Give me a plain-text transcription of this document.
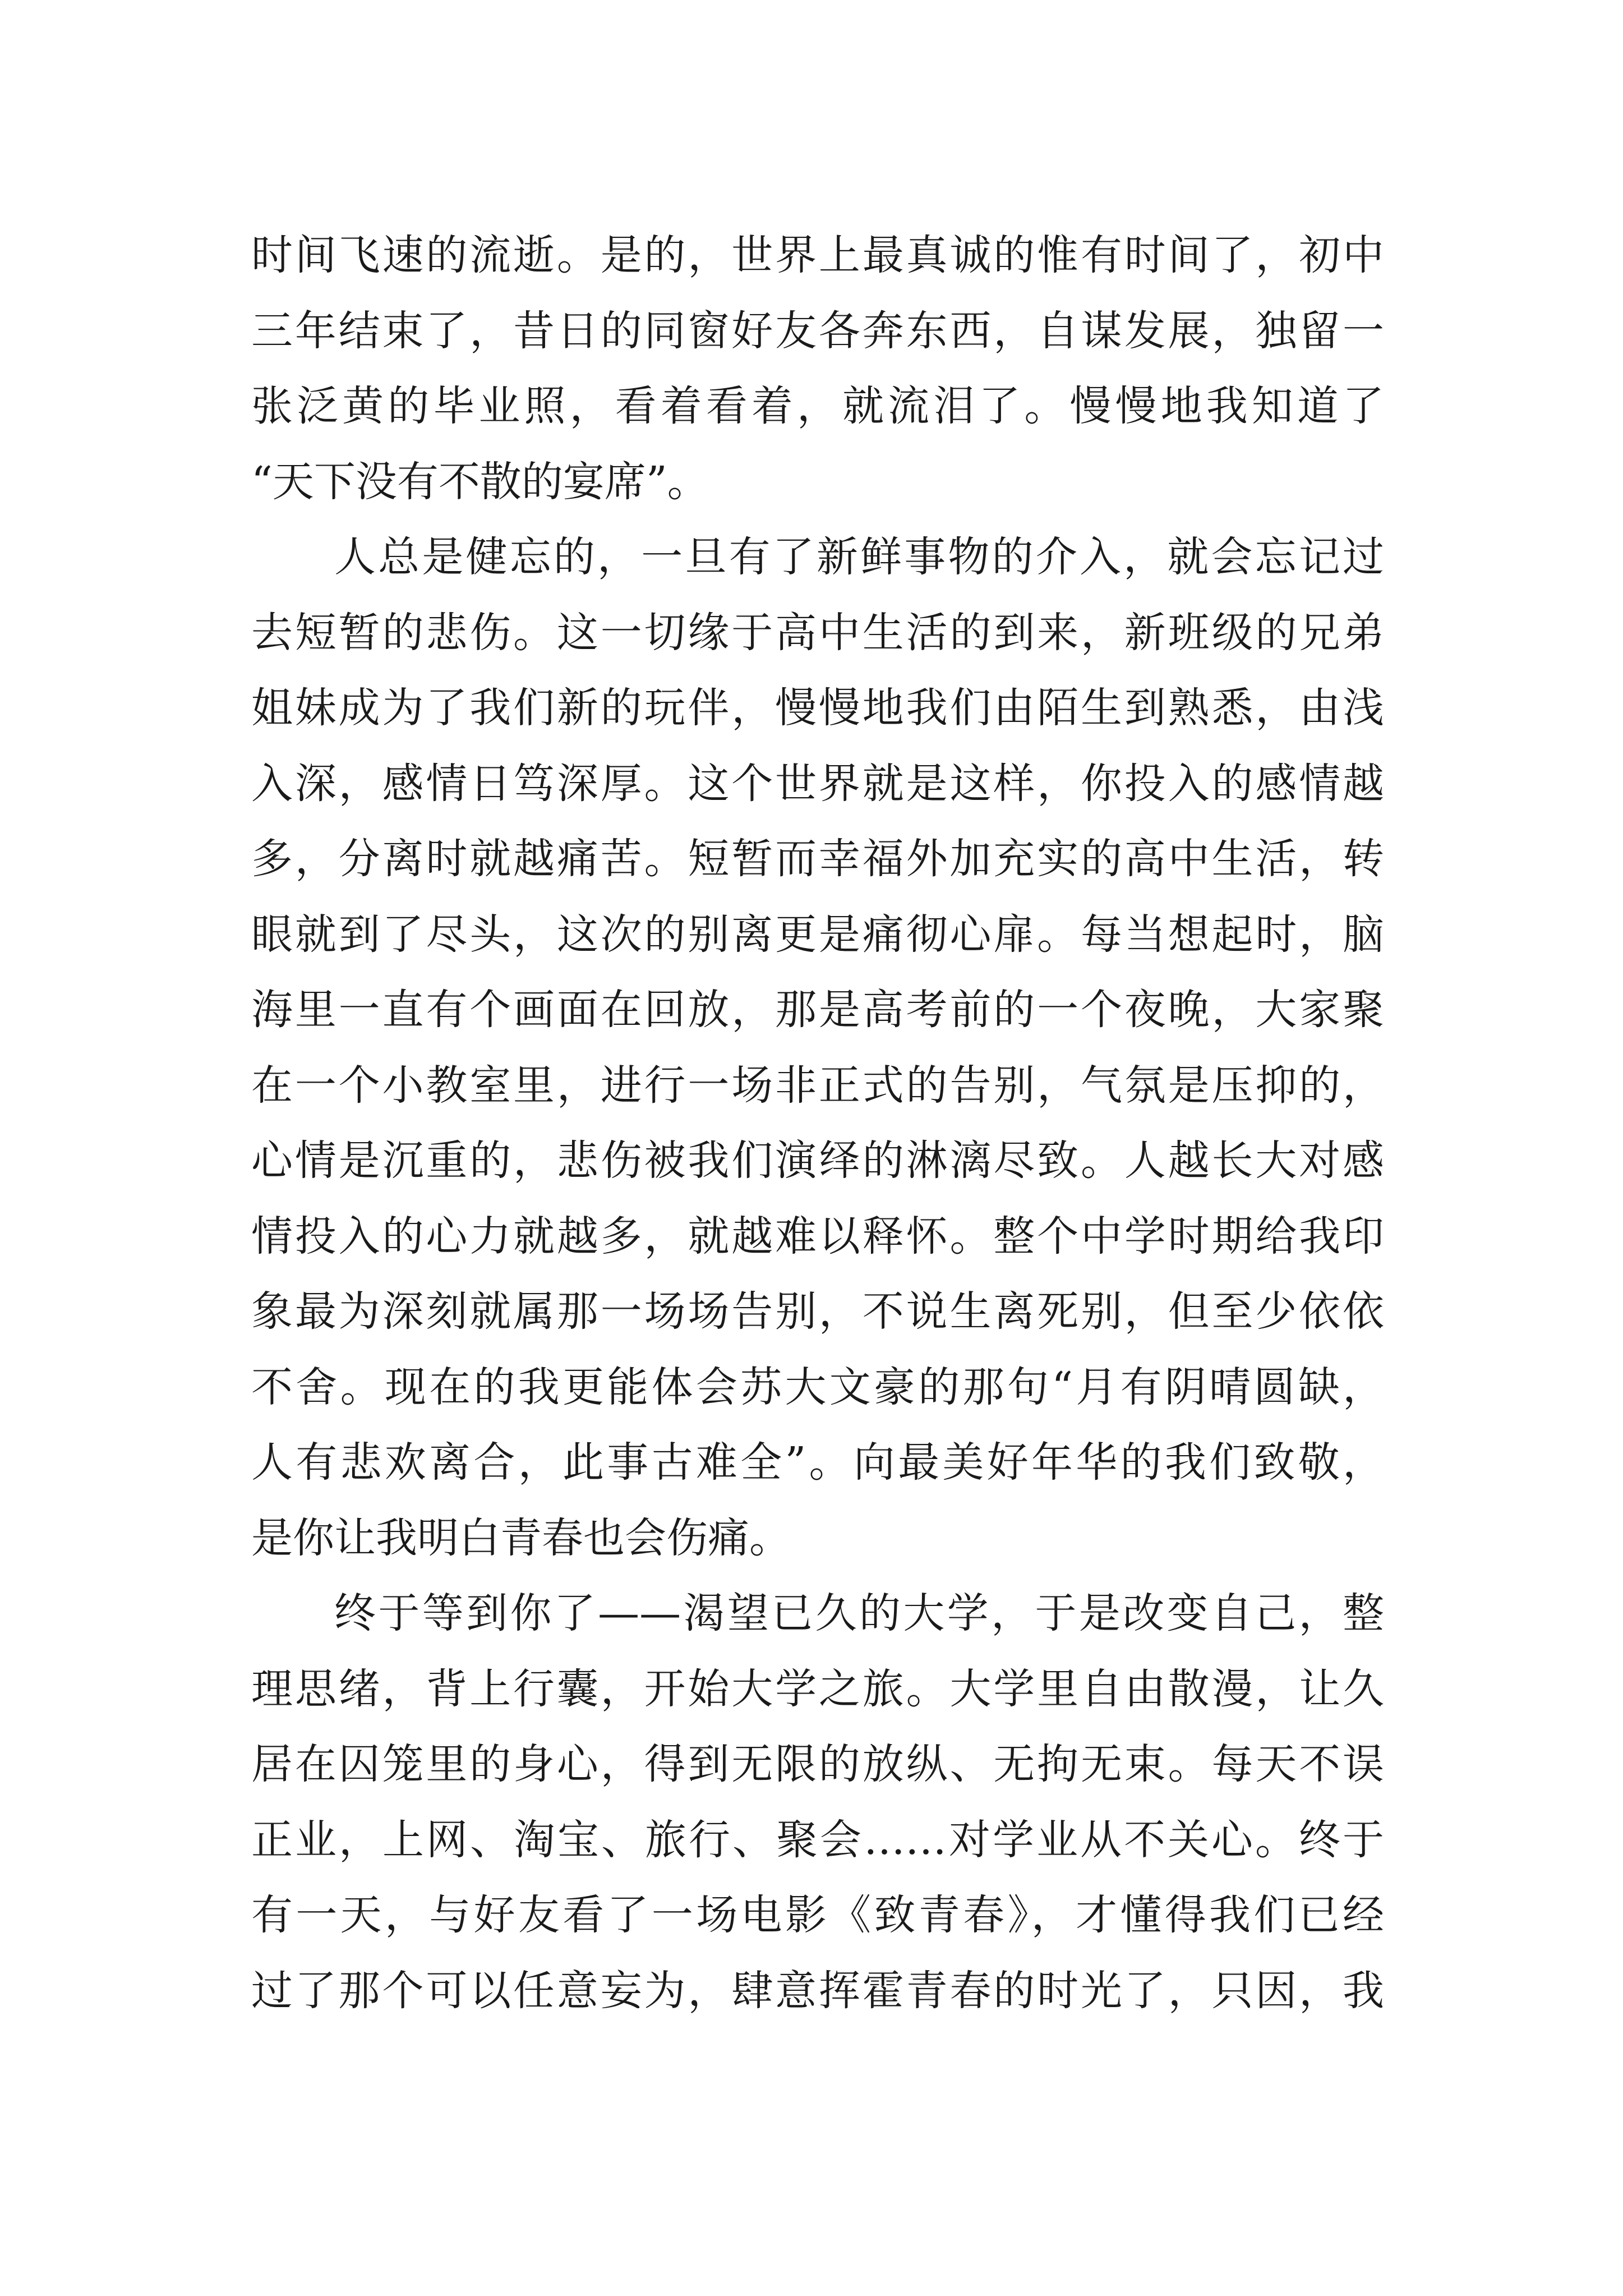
时间飞速的流逝。是的，世界上最真诚的惟有时间了，初中
三年结束了，昔日的同窗好友各奔东西，自谋发展，独留一
张泛黄的毕业照，看着看着，就流泪了。慢慢地我知道了
“天下没有不散的宴席”。
人总是健忘的，一旦有了新鲜事物的介入，就会忘记过
去短暂的悲伤。这一切缘于高中生活的到来，新班级的兄弟
姐妹成为了我们新的玩伴，慢慢地我们由陌生到熟悉，由浅
入深，感情日笃深厚。这个世界就是这样，你投入的感情越
多，分离时就越痛苦。短暂而幸福外加充实的高中生活，转
眼就到了尽头，这次的别离更是痛彻心扉。每当想起时，脑
海里一直有个画面在回放，那是高考前的一个夜晚，大家聚
在一个小教室里，进行一场非正式的告别，气氛是压抑的，
心情是沉重的，悲伤被我们演绎的淋漓尽致。人越长大对感
情投入的心力就越多，就越难以释怀。整个中学时期给我印
象最为深刻就属那一场场告别，不说生离死别，但至少依依
不舍。现在的我更能体会苏大文豪的那句“月有阴晴圆缺，
人有悲欢离合，此事古难全”。向最美好年华的我们致敬，
是你让我明白青春也会伤痛。
终于等到你了——渴望已久的大学，于是改变自己，整
理思绪，背上行囊，开始大学之旅。大学里自由散漫，让久
居在囚笼里的身心，得到无限的放纵、无拘无束。每天不误
正业，上网、淘宝、旅行、聚会……对学业从不关心。终于
有一天，与好友看了一场电影《致青春》，才懂得我们已经
过了那个可以任意妄为，肆意挥霍青春的时光了，只因，我
